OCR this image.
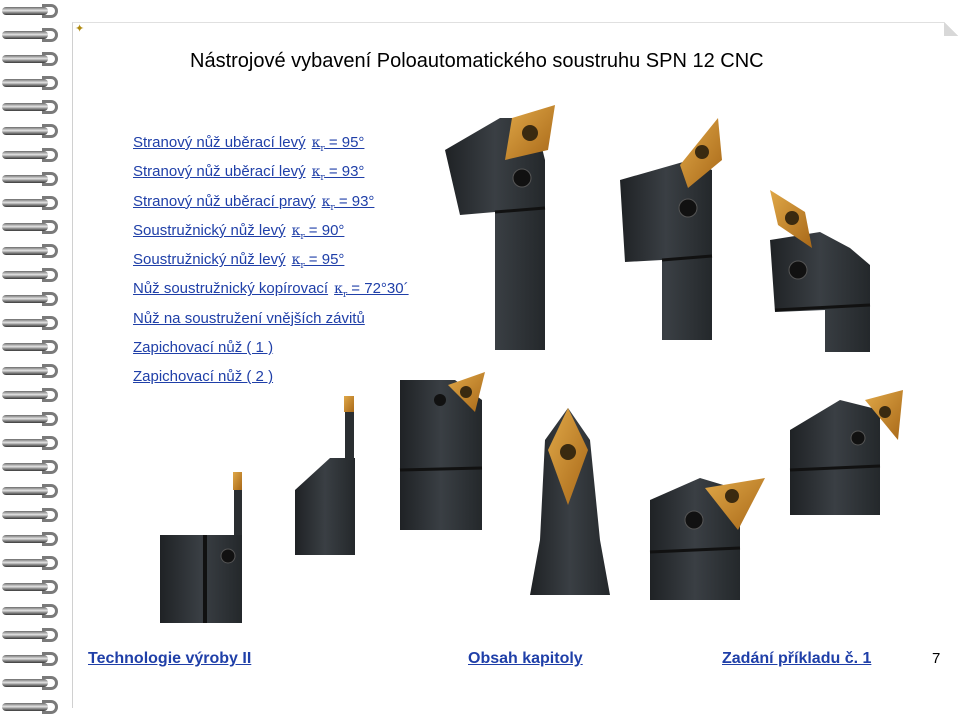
✦
Nástrojové vybavení Poloautomatického soustruhu SPN 12 CNC
Stranový nůž uběrací levý $\kappa_r = 95^\circ$
Stranový nůž uběrací levý $\kappa_r = 93^\circ$
Stranový nůž uběrací pravý $\kappa_r = 93^\circ$
Soustružnický nůž levý $\kappa_r = 90^\circ$
Soustružnický nůž levý $\kappa_r = 95^\circ$
Nůž soustružnický kopírovací $\kappa_r$ = 72°30´
Nůž na soustružení vnějších závitů
Zapichovací nůž ( 1 )
Zapichovací nůž ( 2 )
Technologie výroby II	Obsah kapitoly	Zadání příkladu č. 1	7
